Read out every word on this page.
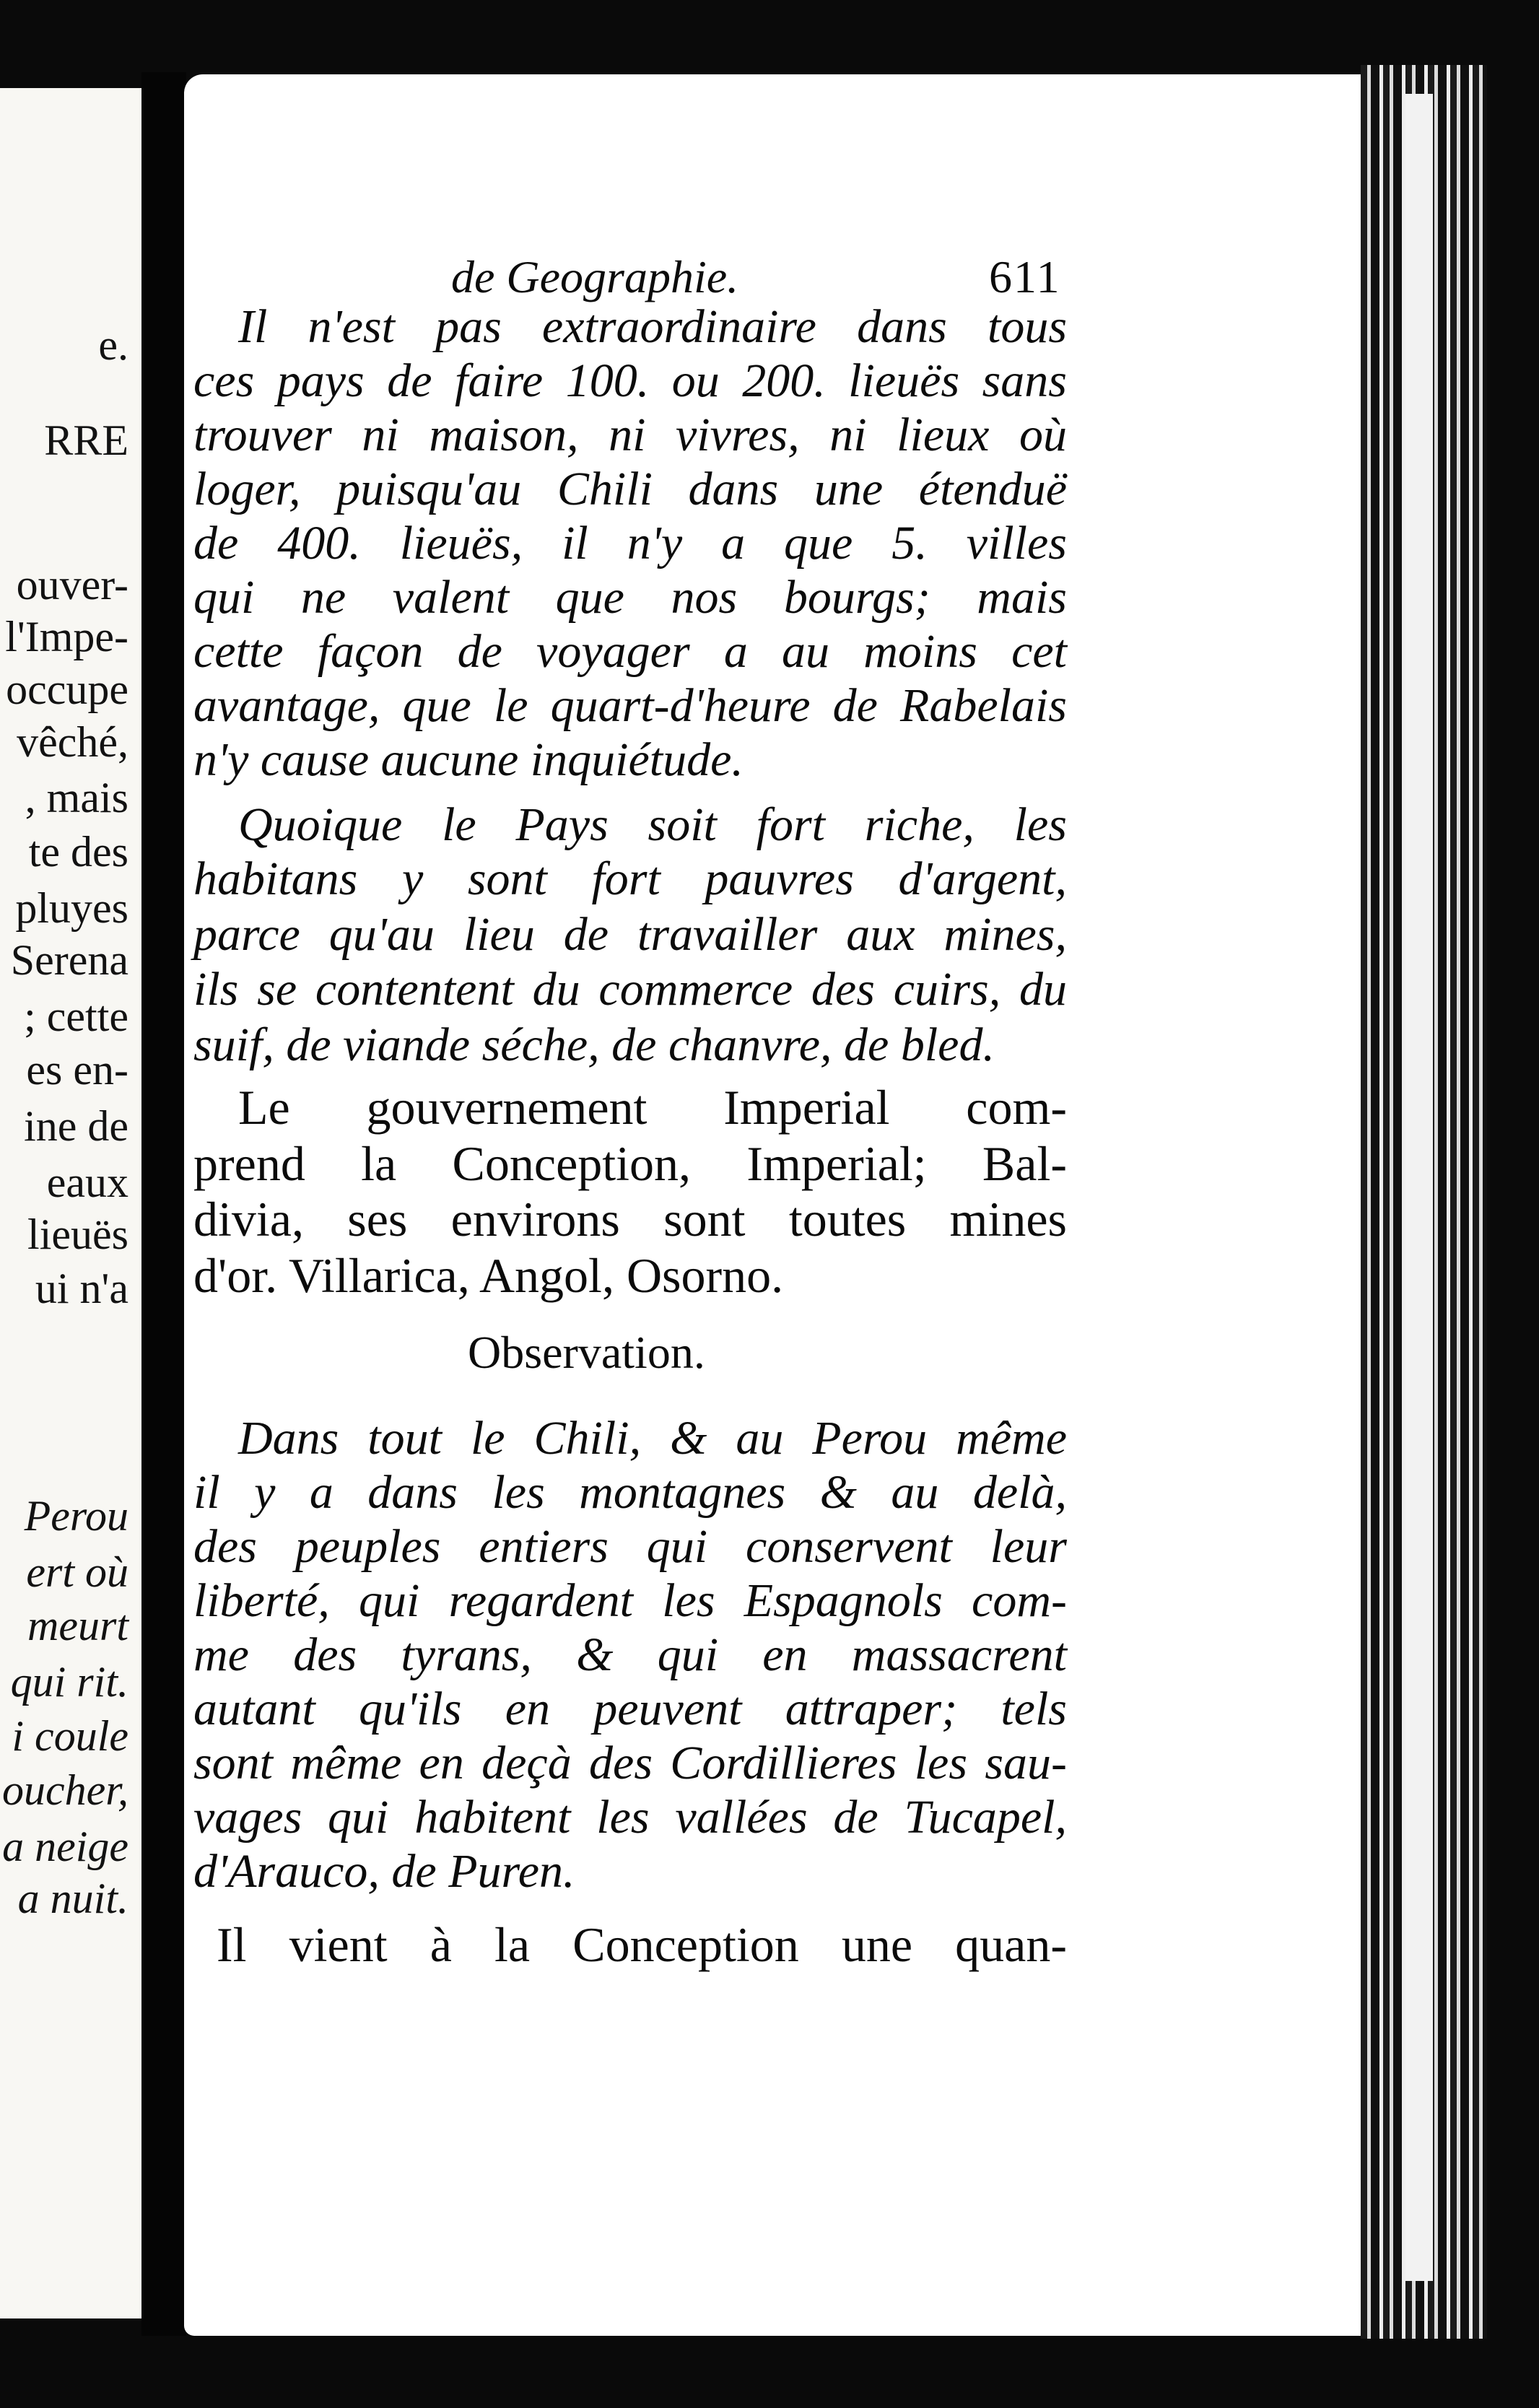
e.
RRE
ouver-
l'Impe-
occupe
vêché,
, mais
te des
pluyes
Serena
; cette
es en-
ine de
eaux
lieuës
ui n'a
Perou
ert où
meurt
qui rit.
i coule
oucher,
a neige
a nuit.
de Geographie.	611
Observation.
Il n'est pas extraordinaire dans tous
ces pays de faire 100. ou 200. lieuës sans
trouver ni maison, ni vivres, ni lieux où
loger, puisqu'au Chili dans une étenduë
de 400. lieuës, il n'y a que 5. villes
qui ne valent que nos bourgs; mais
cette façon de voyager a au moins cet
avantage, que le quart-d'heure de Rabelais
n'y cause aucune inquiétude.
Quoique le Pays soit fort riche, les
habitans y sont fort pauvres d'argent,
parce qu'au lieu de travailler aux mines,
ils se contentent du commerce des cuirs, du
suif, de viande séche, de chanvre, de bled.
Le gouvernement Imperial com-
prend la Conception, Imperial; Bal-
divia, ses environs sont toutes mines
d'or. Villarica, Angol, Osorno.
Dans tout le Chili, & au Perou même
il y a dans les montagnes & au delà,
des peuples entiers qui conservent leur
liberté, qui regardent les Espagnols com-
me des tyrans, & qui en massacrent
autant qu'ils en peuvent attraper; tels
sont même en deçà des Cordillieres les sau-
vages qui habitent les vallées de Tucapel,
d'Arauco, de Puren.
Il vient à la Conception une quan-
